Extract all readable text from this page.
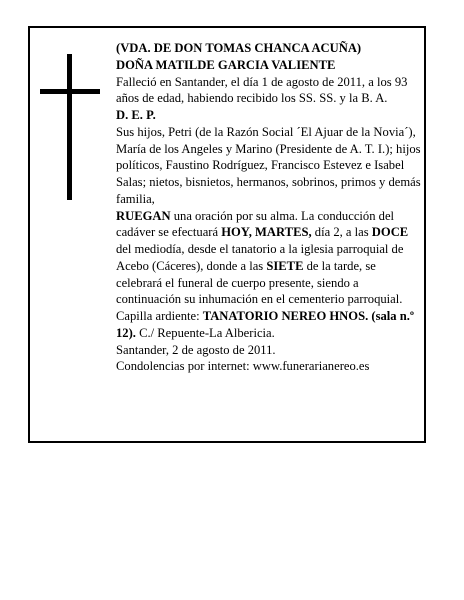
(VDA. DE DON TOMAS CHANCA ACUÑA)

DOÑA MATILDE GARCIA VALIENTE

Falleció en Santander, el día 1 de agosto de 2011, a los 93 años de edad, habiendo recibido los SS. SS. y la B. A.

D. E. P.

Sus hijos, Petri (de la Razón Social ´El Ajuar de la Novia´), María de los Angeles y Marino (Presidente de A. T. I.); hijos políticos, Faustino Rodríguez, Francisco Estevez e Isabel Salas; nietos, bisnietos, hermanos, sobrinos, primos y demás familia,

RUEGAN una oración por su alma. La conducción del cadáver se efectuará HOY, MARTES, día 2, a las DOCE del mediodía, desde el tanatorio a la iglesia parroquial de Acebo (Cáceres), donde a las SIETE de la tarde, se celebrará el funeral de cuerpo presente, siendo a continuación su inhumación en el cementerio parroquial. Capilla ardiente: TANATORIO NEREO HNOS. (sala n.º 12). C./ Repuente-La Albericia.

Santander, 2 de agosto de 2011.

Condolencias por internet: www.funerarianereo.es
